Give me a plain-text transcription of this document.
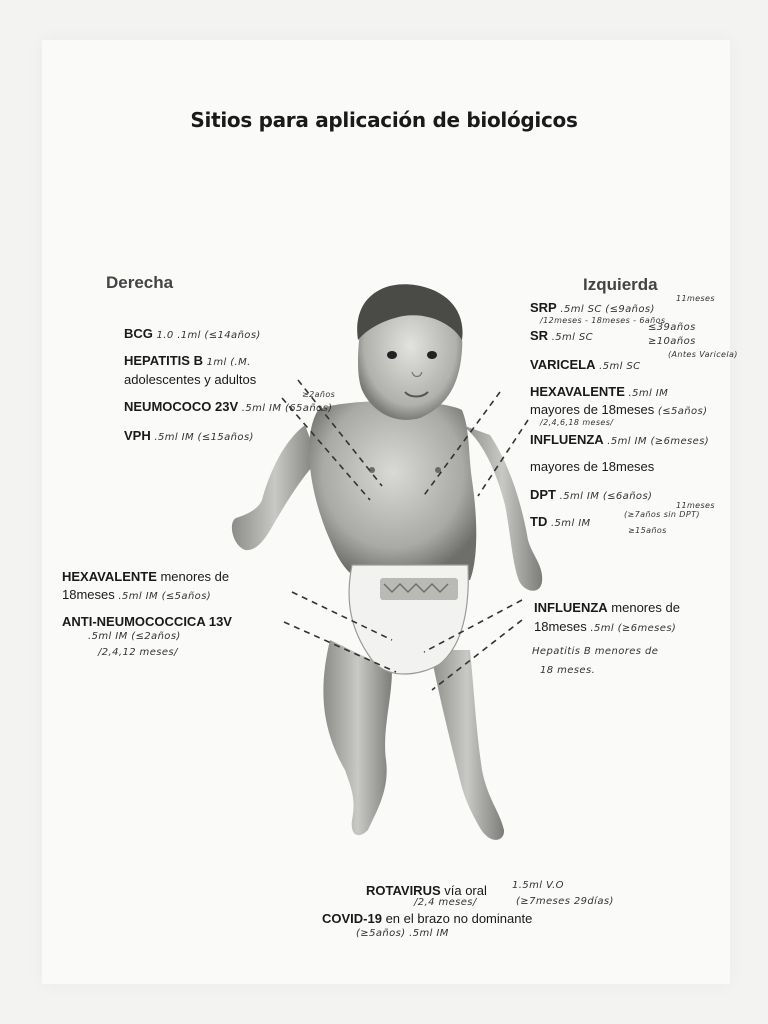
Sitios para aplicación de biológicos
Derecha	Izquierda
BCG 1.0 .1ml (≤14años)
HEPATITIS B 1ml (.M.
adolescentes y adultos
NEUMOCOCO 23V .5ml IM (65años)
≥2años
VPH .5ml IM (≤15años)
HEXAVALENTE menores de
18meses .5ml IM (≤5años)
ANTI-NEUMOCOCCICA 13V
.5ml IM (≤2años)
/2,4,12 meses/
SRP .5ml SC (≤9años)
11meses
/12meses - 18meses - 6años
SR .5ml SC
≤39años
≥10años
VARICELA .5ml SC
(Antes Varicela)
HEXAVALENTE .5ml IM
mayores de 18meses (≤5años)
/2,4,6,18 meses/
INFLUENZA .5ml IM (≥6meses)
mayores de 18meses
DPT .5ml IM (≤6años)
11meses
TD .5ml IM
(≥7años sin DPT)
≥15años
INFLUENZA menores de
18meses .5ml (≥6meses)
Hepatitis B menores de
18 meses.
ROTAVIRUS vía oral	1.5ml V.O
/2,4 meses/	(≥7meses 29días)
COVID-19 en el brazo no dominante
(≥5años) .5ml IM
